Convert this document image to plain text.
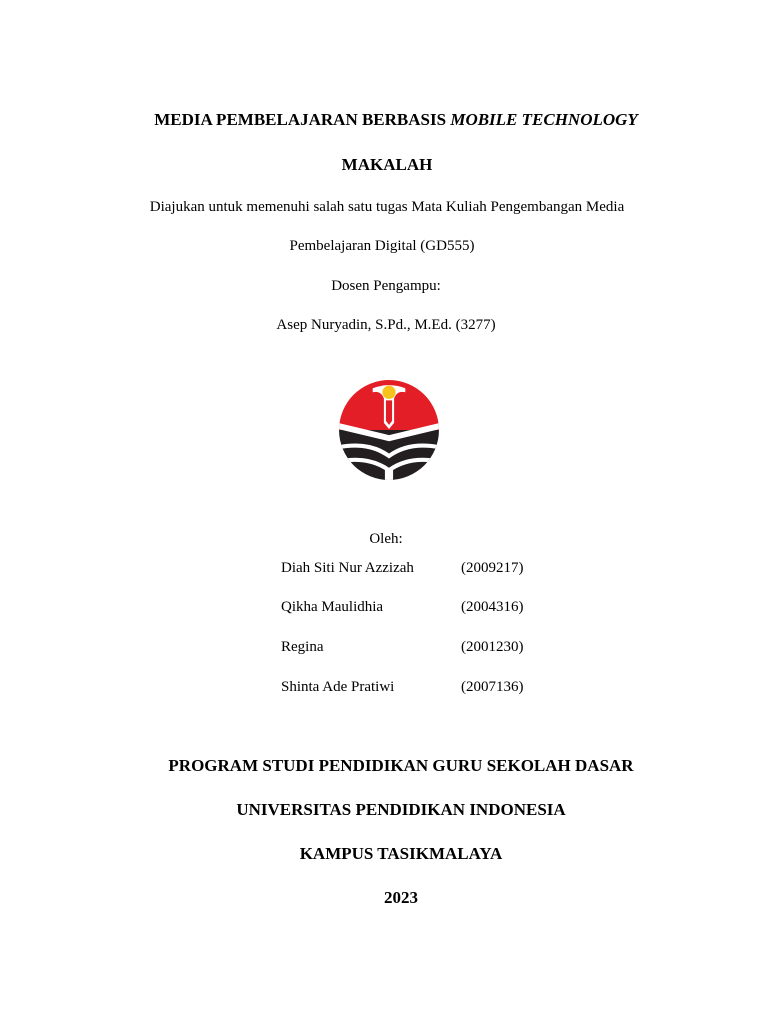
MEDIA PEMBELAJARAN BERBASIS MOBILE TECHNOLOGY
MAKALAH
Diajukan untuk memenuhi salah satu tugas Mata Kuliah Pengembangan Media
Pembelajaran Digital (GD555)
Dosen Pengampu:
Asep Nuryadin, S.Pd., M.Ed. (3277)
Oleh:
Diah Siti Nur Azzizah	(2009217)
Qikha Maulidhia	(2004316)
Regina	(2001230)
Shinta Ade Pratiwi	(2007136)
PROGRAM STUDI PENDIDIKAN GURU SEKOLAH DASAR
UNIVERSITAS PENDIDIKAN INDONESIA
KAMPUS TASIKMALAYA
2023
